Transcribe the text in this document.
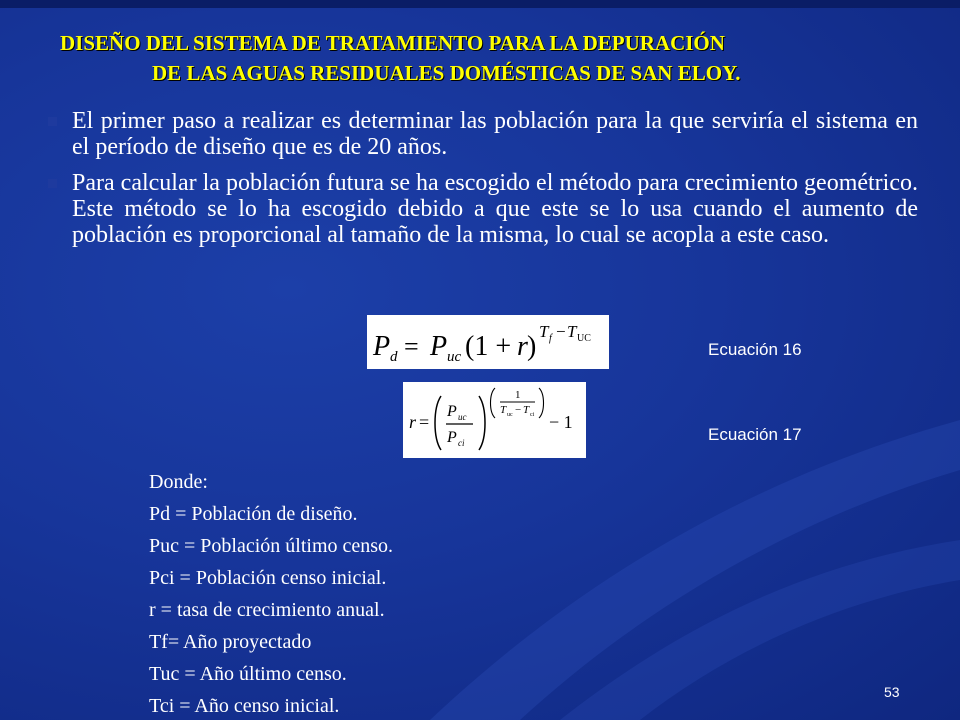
DISEÑO DEL SISTEMA DE TRATAMIENTO PARA LA DEPURACIÓN
DE LAS AGUAS RESIDUALES DOMÉSTICAS DE SAN ELOY.

El primer paso a realizar es determinar las población para la que serviría el sistema en el período de diseño que es de 20 años.

Para calcular la población futura se ha escogido el método para crecimiento geométrico. Este método se lo ha escogido debido a que este se lo usa cuando el aumento de población es proporcional al tamaño de la misma, lo cual se acopla a este caso.

P d = P uc (1 + r ) T f − T UC
r =
P uc
P ci
1
T uc − T ci − 1
Ecuación 16
Ecuación 17
Donde:
Pd = Población de diseño.
Puc = Población último censo.
Pci = Población censo inicial.
r = tasa de crecimiento anual.
Tf= Año proyectado
Tuc = Año último censo.
Tci = Año censo inicial.
53
